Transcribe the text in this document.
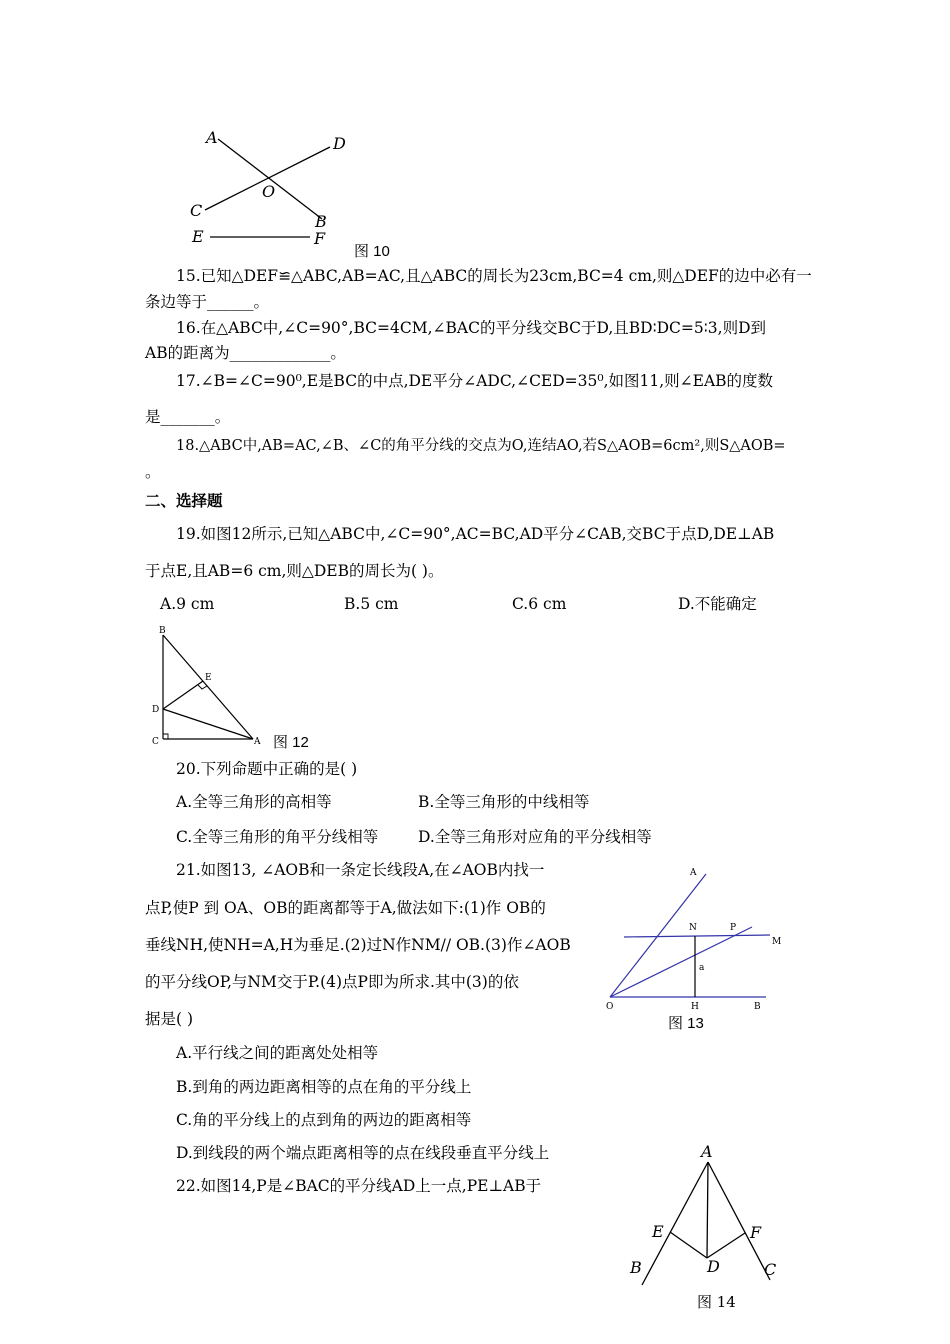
A	D
O
C
B
E	F
图 10
15.已知△DEF≌△ABC,AB=AC,且△ABC的周长为23cm,BC=4 cm,则△DEF的边中必有一
条边等于______。
16.在△ABC中,∠C=90°,BC=4CM,∠BAC的平分线交BC于D,且BD∶DC=5∶3,则D到
AB的距离为_____________。
17.∠B=∠C=90⁰,E是BC的中点,DE平分∠ADC,∠CED=35⁰,如图11,则∠EAB的度数
是_______。
18.△ABC中,AB=AC,∠B、∠C的角平分线的交点为O,连结AO,若S△AOB=6cm²,则S△AOB=
。
二、选择题
19.如图12所示,已知△ABC中,∠C=90°,AC=BC,AD平分∠CAB,交BC于点D,DE⊥AB
于点E,且AB=6 cm,则△DEB的周长为( )。
A.9 cm	B.5 cm	C.6 cm	D.不能确定
B
E
D
C	A 图 12
20.下列命题中正确的是( )
A.全等三角形的高相等	B.全等三角形的中线相等
C.全等三角形的角平分线相等	D.全等三角形对应角的平分线相等
21.如图13, ∠AOB和一条定长线段A,在∠AOB内找一
点P,使P 到 OA、OB的距离都等于A,做法如下:(1)作 OB的
垂线NH,使NH=A,H为垂足.(2)过N作NM// OB.(3)作∠AOB
的平分线OP,与NM交于P.(4)点P即为所求.其中(3)的依
据是( )
A
N	P
M
a
O	H	B
图 13
A.平行线之间的距离处处相等
B.到角的两边距离相等的点在角的平分线上
C.角的平分线上的点到角的两边的距离相等
D.到线段的两个端点距离相等的点在线段垂直平分线上
22.如图14,P是∠BAC的平分线AD上一点,PE⊥AB于
A
E	F
B	D	C
图 14
